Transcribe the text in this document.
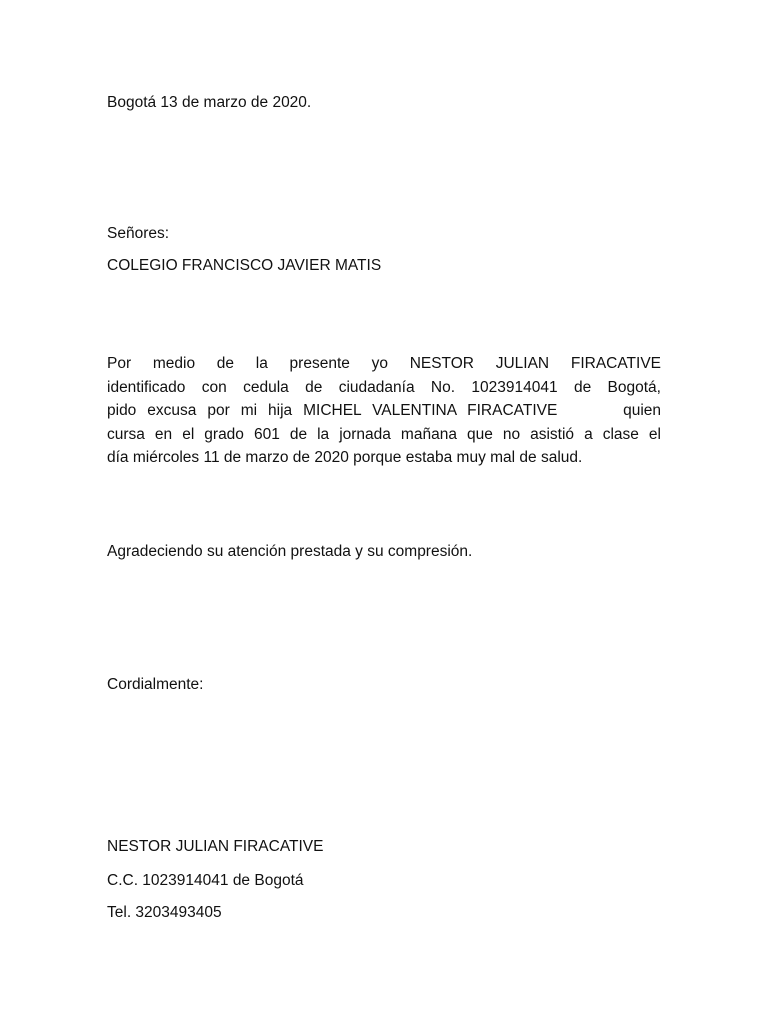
Bogotá 13 de marzo de 2020.
Señores:
COLEGIO FRANCISCO JAVIER MATIS
Por medio de la presente yo NESTOR JULIAN FIRACATIVE
identificado con cedula de ciudadanía No. 1023914041 de Bogotá,
pido excusa por mi hija MICHEL VALENTINA FIRACATIVE      quien
cursa en el grado 601 de la jornada mañana que no asistió a clase el
día miércoles 11 de marzo de 2020 porque estaba muy mal de salud.
Agradeciendo su atención prestada y su compresión.
Cordialmente:
NESTOR JULIAN FIRACATIVE
C.C. 1023914041 de Bogotá
Tel. 3203493405
